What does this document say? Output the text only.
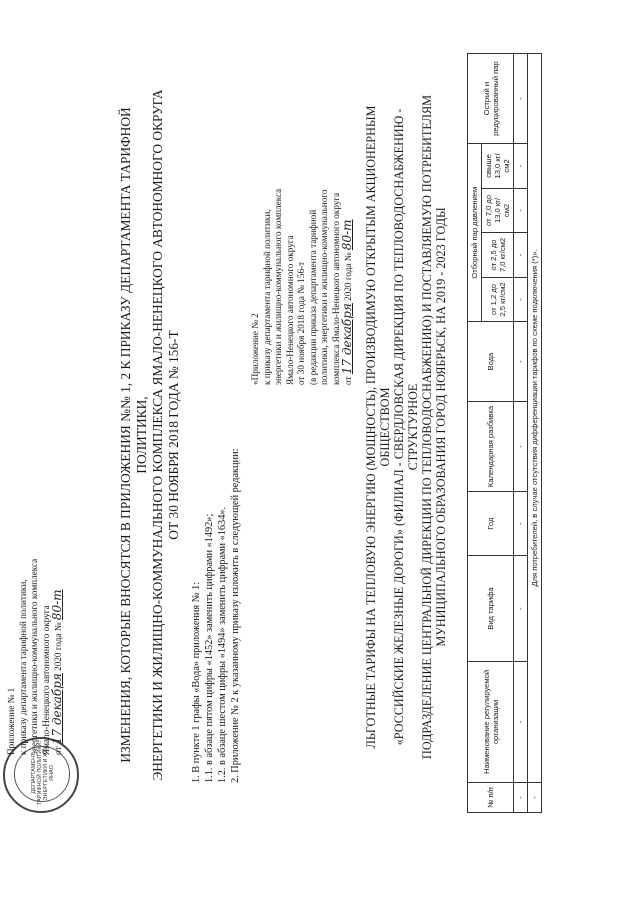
ДЕПАРТАМЕНТ ТАРИФНОЙ ПОЛИТИКИ, ЭНЕРГЕТИКИ И ЖКК ЯНАО
Приложение № 1 к приказу департамента тарифной политики, энергетики и жилищно-коммунального комплекса Ямало-Ненецкого автономного округа от 17 декабря 2020 года № 80-т	ИЗМЕНЕНИЯ, КОТОРЫЕ ВНОСЯТСЯ В ПРИЛОЖЕНИЯ №№ 1, 2 К ПРИКАЗУ ДЕПАРТАМЕНТА ТАРИФНОЙ ПОЛИТИКИ, ЭНЕРГЕТИКИ И ЖИЛИЩНО-КОММУНАЛЬНОГО КОМПЛЕКСА ЯМАЛО-НЕНЕЦКОГО АВТОНОМНОГО ОКРУГА ОТ 30 НОЯБРЯ 2018 ГОДА № 156-Т
1. В пункте 1 графы «Вода» приложения № 1: 1.1. в абзаце пятом цифры «1452» заменить цифрами «1492»; 1.2. в абзаце шестом цифры «1494» заменить цифрами «1634». 2. Приложение № 2 к указанному приказу изложить в следующей редакции:
«Приложение № 2 к приказу департамента тарифной политики, энергетики и жилищно-коммунального комплекса Ямало-Ненецкого автономного округа от 30 ноября 2018 года № 156-т (в редакции приказа департамента тарифной политики, энергетики и жилищно-коммунального комплекса Ямало-Ненецкого автономного округа от 17 декабря 2020 года № 80-т ЛЬГОТНЫЕ ТАРИФЫ НА ТЕПЛОВУЮ ЭНЕРГИЮ (МОЩНОСТЬ), ПРОИЗВОДИМУЮ ОТКРЫТЫМ АКЦИОНЕРНЫМ ОБЩЕСТВОМ «РОССИЙСКИЕ ЖЕЛЕЗНЫЕ ДОРОГИ» (ФИЛИАЛ - СВЕРДЛОВСКАЯ ДИРЕКЦИЯ ПО ТЕПЛОВОДОСНАБЖЕНИЮ - СТРУКТУРНОЕ ПОДРАЗДЕЛЕНИЕ ЦЕНТРАЛЬНОЙ ДИРЕКЦИИ ПО ТЕПЛОВОДОСНАБЖЕНИЮ) И ПОСТАВЛЯЕМУЮ ПОТРЕБИТЕЛЯМ МУНИЦИПАЛЬНОГО ОБРАЗОВАНИЯ ГОРОД НОЯБРЬСК, НА 2019 - 2023 ГОДЫ
№ п/п	Наименование регулируемой организации	Вид тарифа	Год	Календарная разбивка	Вода	Отборный пар давлением				Острый и редуцированный пар
						от 1,2 до 2,5 кг/см2	от 2,5 до 7,0 кг/см2	от 7,0 до 13,0 кг/см2	свыше 13,0 кг/см2	
-	-	-	-	-	-	-	-	-	-	-
-	Для потребителей, в случае отсутствия дифференциации тарифов по схеме подключения (*)».									
